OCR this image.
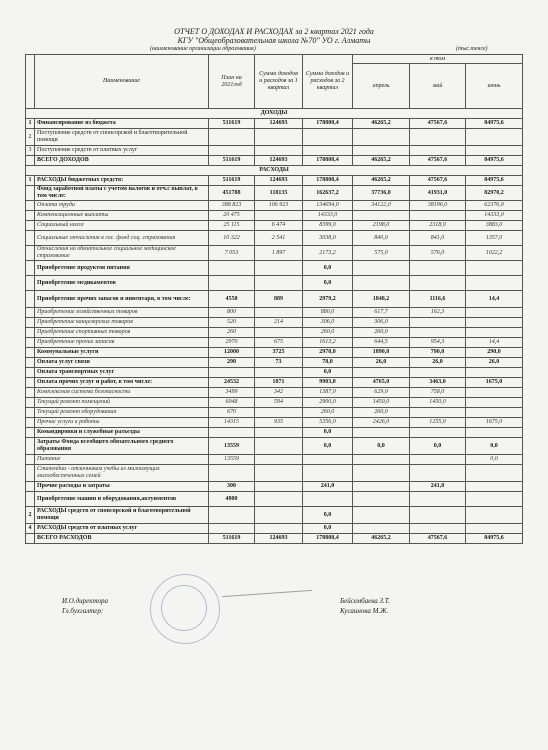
ОТЧЕТ О ДОХОДАХ И РАСХОДАХ за 2 квартал 2021 года
КГУ "Общеобразовательная школа №70" УО г. Алматы
(наименование организации образования)	(тыс.тенге)
	Наименование	План на 2021год	Сумма доходов и расходов за 1 квартал	Сумма доходов и расходов за 2 квартал	в том		
					апрель	май	июнь
ДОХОДЫ							
1	Финансирование из бюджета	511619	124693	178808,4	46265,2	47567,6	84975,6
2	Поступление средств от спонсорской и благотворительной помощи						
3	Поступление средств от платных услуг						
	ВСЕГО ДОХОДОВ	511619	124693	178808,4	46265,2	47567,6	84975,6
РАСХОДЫ							
1	РАСХОДЫ бюджетных средств:	511619	124693	178808,4	46265,2	47567,6	84975,6
	Фонд заработной платы с учетом налогов и отч.с выплат, в том числе:	451788	118135	162637,2	37736,0	41931,0	82970,2
	Оплата труда	388 823	106 923	134694,0	34122,0	38196,0	62376,0
	Компенсационные выплаты	20 475		14333,0			14333,0
	Социальный налог	25 115	6 474	8399,0	2198,0	2318,0	3883,0
	Социальные отчисления в гос. фонд соц. страхования	10 322	2 541	3038,0	840,0	841,0	1357,0
	Отчисления на обязательное социальное медицинское страхование	7 053	1 897	2173,2	575,0	576,0	1022,2
	Приобретение продуктов питания			0,0			
	Приобретение медикаментов			0,0			
	Приобретение прочих запасов и инвентаря, в том числе:	4550	889	2979,2	1848,2	1116,6	14,4
	Приобретение хозяйственных товаров	800		880,0	617,7	162,3	
	Приобретение канцелярских товаров	520	214	306,0	306,0		
	Приобретение спортивных товаров	260		260,0	260,0		
	Приобретение прочих запасов	2970	675	1613,2	644,5	954,3	14,4
	Коммунальные услуги	12000	3725	2970,0	1890,0	790,0	290,0
	Оплата услуг связи	290	73	78,0	26,0	26,0	26,0
	Оплата транспортных услуг			0,0			
	Оплата прочих услуг и работ, в том числе:	24532	1871	9903,0	4765,0	3463,0	1675,0
	Комплексная система безопасности	3499	342	1387,0	629,0	758,0	
	Текущий ремонт помещений	6048	594	2900,0	1450,0	1450,0	
	Текущий ремонт оборудования	670		260,0	260,0		
	Прочие услуги и работы	14315	935	5356,0	2426,0	1255,0	1675,0
	Командировки и служебные разъезды			0,0			
	Затраты Фонда всеобщего обязательного среднего образования	13559		0,0	0,0	0,0	0,0
	Питание	13559					0,0
	Стипендии - отличникам учебы из малоимущих малообеспеченных семей						
	Прочие расходы и затраты	300		241,0		241,0	
	Приобретение машин и оборудования,актуиментов	4800					
2	РАСХОДЫ средств от спонсорской и благотворительной помощи			0,0			
4	РАСХОДЫ средств от платных услуг			0,0			
	ВСЕГО РАСХОДОВ	511619	124693	178808,4	46265,2	47567,6	84975,6
И.О.директора
Гл.бухгалтер:
Бейсембаева З.Т.
Кусаинова М.Ж.
